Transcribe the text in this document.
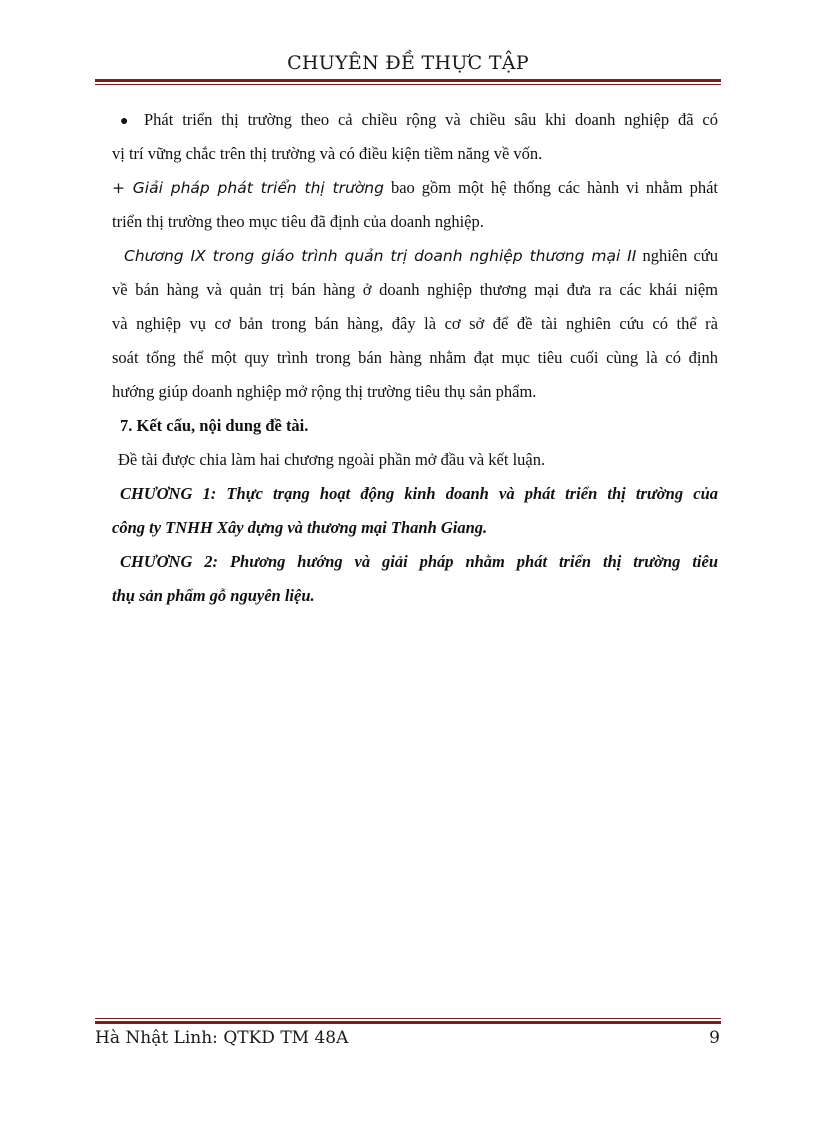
CHUYÊN ĐỀ THỰC TẬP
● Phát triển thị trường theo cả chiều rộng và chiều sâu khi doanh nghiệp đã có
vị trí vững chắc trên thị trường và có điều kiện tiềm năng về vốn.
+ Giải pháp phát triển thị trường bao gồm một hệ thống các hành vi nhằm phát
triển thị trường theo mục tiêu đã định của doanh nghiệp.
Chương IX trong giáo trình quản trị doanh nghiệp thương mại II nghiên cứu
về bán hàng và quản trị bán hàng ở doanh nghiệp thương mại đưa ra các khái niệm
và nghiệp vụ cơ bản trong bán hàng, đây là cơ sở để đề tài nghiên cứu có thể rà
soát tổng thể một quy trình trong bán hàng nhằm đạt mục tiêu cuối cùng là có định
hướng giúp doanh nghiệp mở rộng thị trường tiêu thụ sản phẩm.
7. Kết cấu, nội dung đề tài.
Đề tài được chia làm hai chương ngoài phần mở đầu và kết luận.
CHƯƠNG 1: Thực trạng hoạt động kinh doanh và phát triển thị trường của
công ty TNHH Xây dựng và thương mại Thanh Giang.
CHƯƠNG 2: Phương hướng và giải pháp nhằm phát triển thị trường tiêu
thụ sản phẩm gỗ nguyên liệu.
Hà Nhật Linh: QTKD TM 48A	9
